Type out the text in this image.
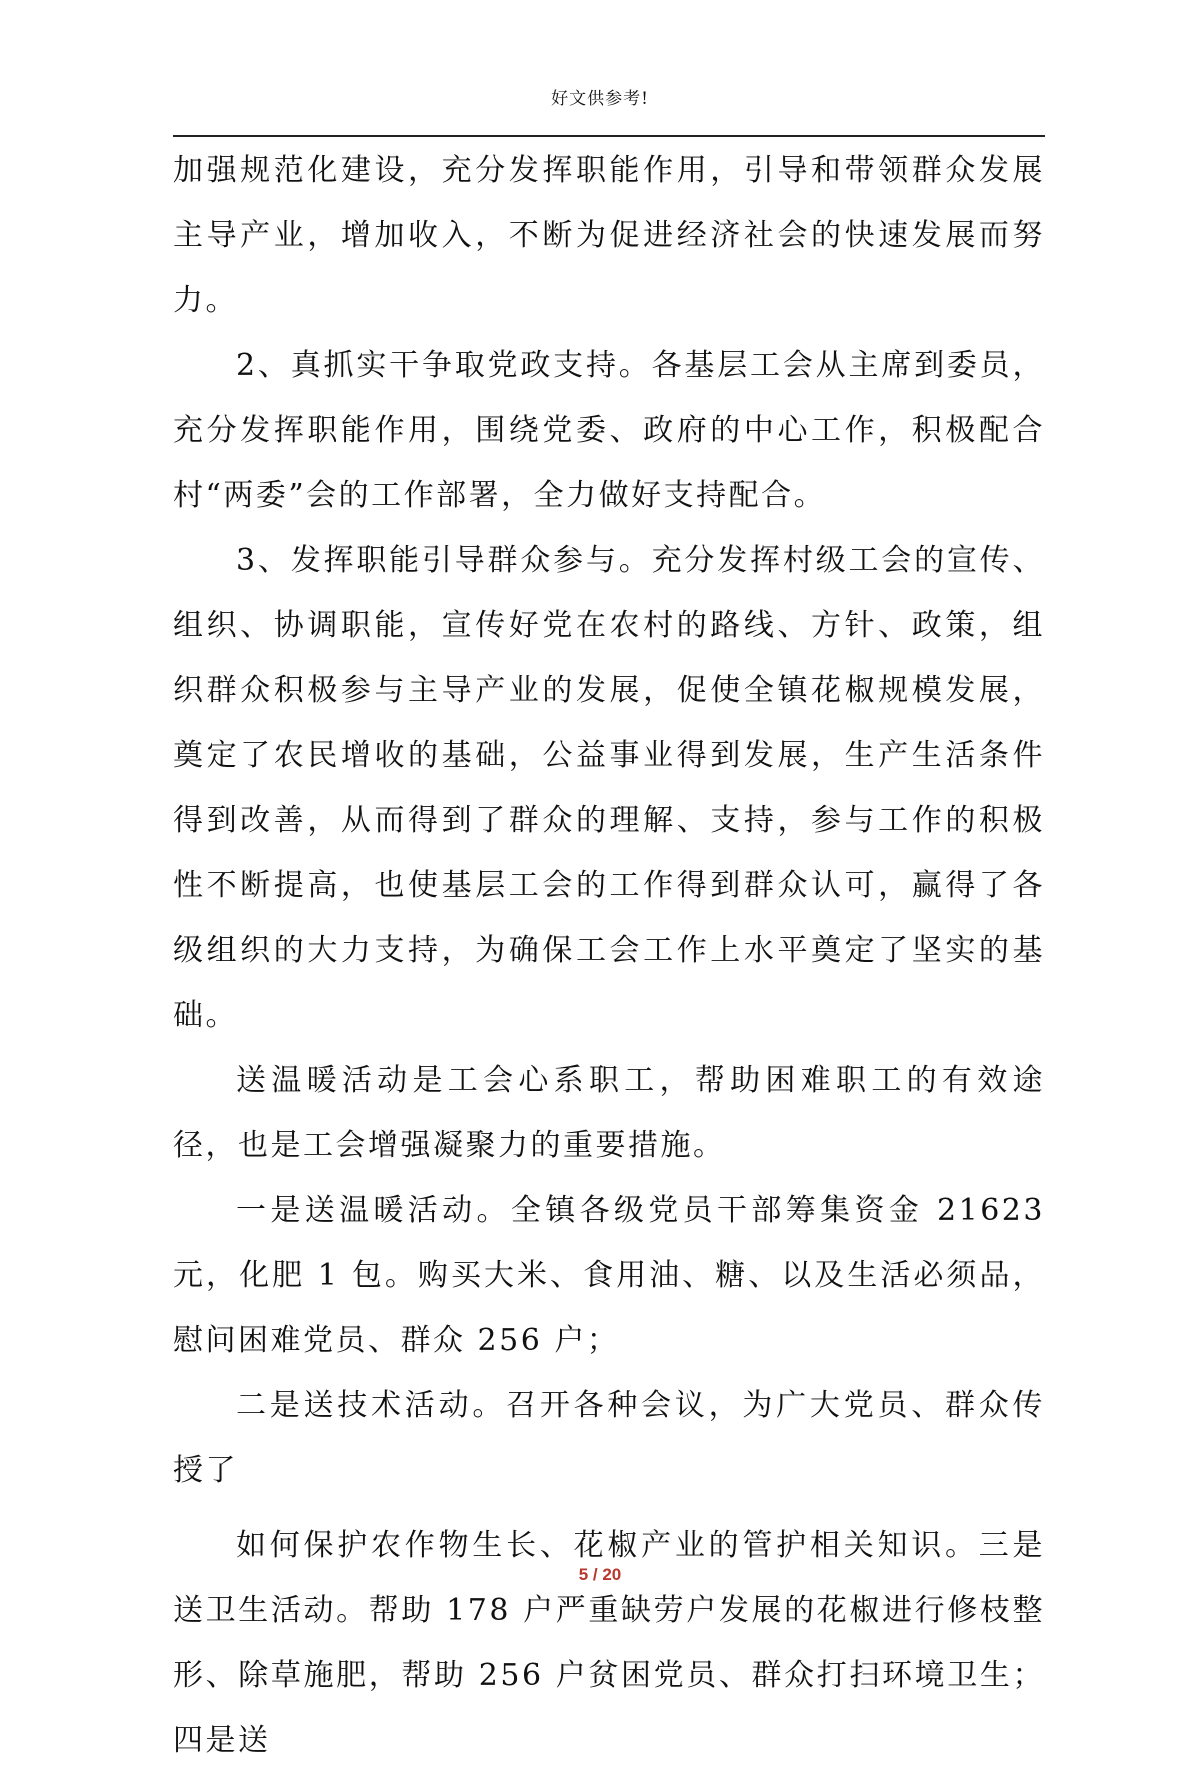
好文供参考!

加强规范化建设，充分发挥职能作用，引导和带领群众发展主导产业，增加收入，不断为促进经济社会的快速发展而努力。

2、真抓实干争取党政支持。各基层工会从主席到委员，充分发挥职能作用，围绕党委、政府的中心工作，积极配合村“两委”会的工作部署，全力做好支持配合。

3、发挥职能引导群众参与。充分发挥村级工会的宣传、组织、协调职能，宣传好党在农村的路线、方针、政策，组织群众积极参与主导产业的发展，促使全镇花椒规模发展，奠定了农民增收的基础，公益事业得到发展，生产生活条件得到改善，从而得到了群众的理解、支持，参与工作的积极性不断提高，也使基层工会的工作得到群众认可，赢得了各级组织的大力支持，为确保工会工作上水平奠定了坚实的基础。

送温暖活动是工会心系职工，帮助困难职工的有效途径，也是工会增强凝聚力的重要措施。

一是送温暖活动。全镇各级党员干部筹集资金 21623 元，化肥 1 包。购买大米、食用油、糖、以及生活必须品，慰问困难党员、群众 256 户；

二是送技术活动。召开各种会议，为广大党员、群众传授了

如何保护农作物生长、花椒产业的管护相关知识。三是送卫生活动。帮助 178 户严重缺劳户发展的花椒进行修枝整形、除草施肥，帮助 256 户贫困党员、群众打扫环境卫生；四是送

5 / 20
